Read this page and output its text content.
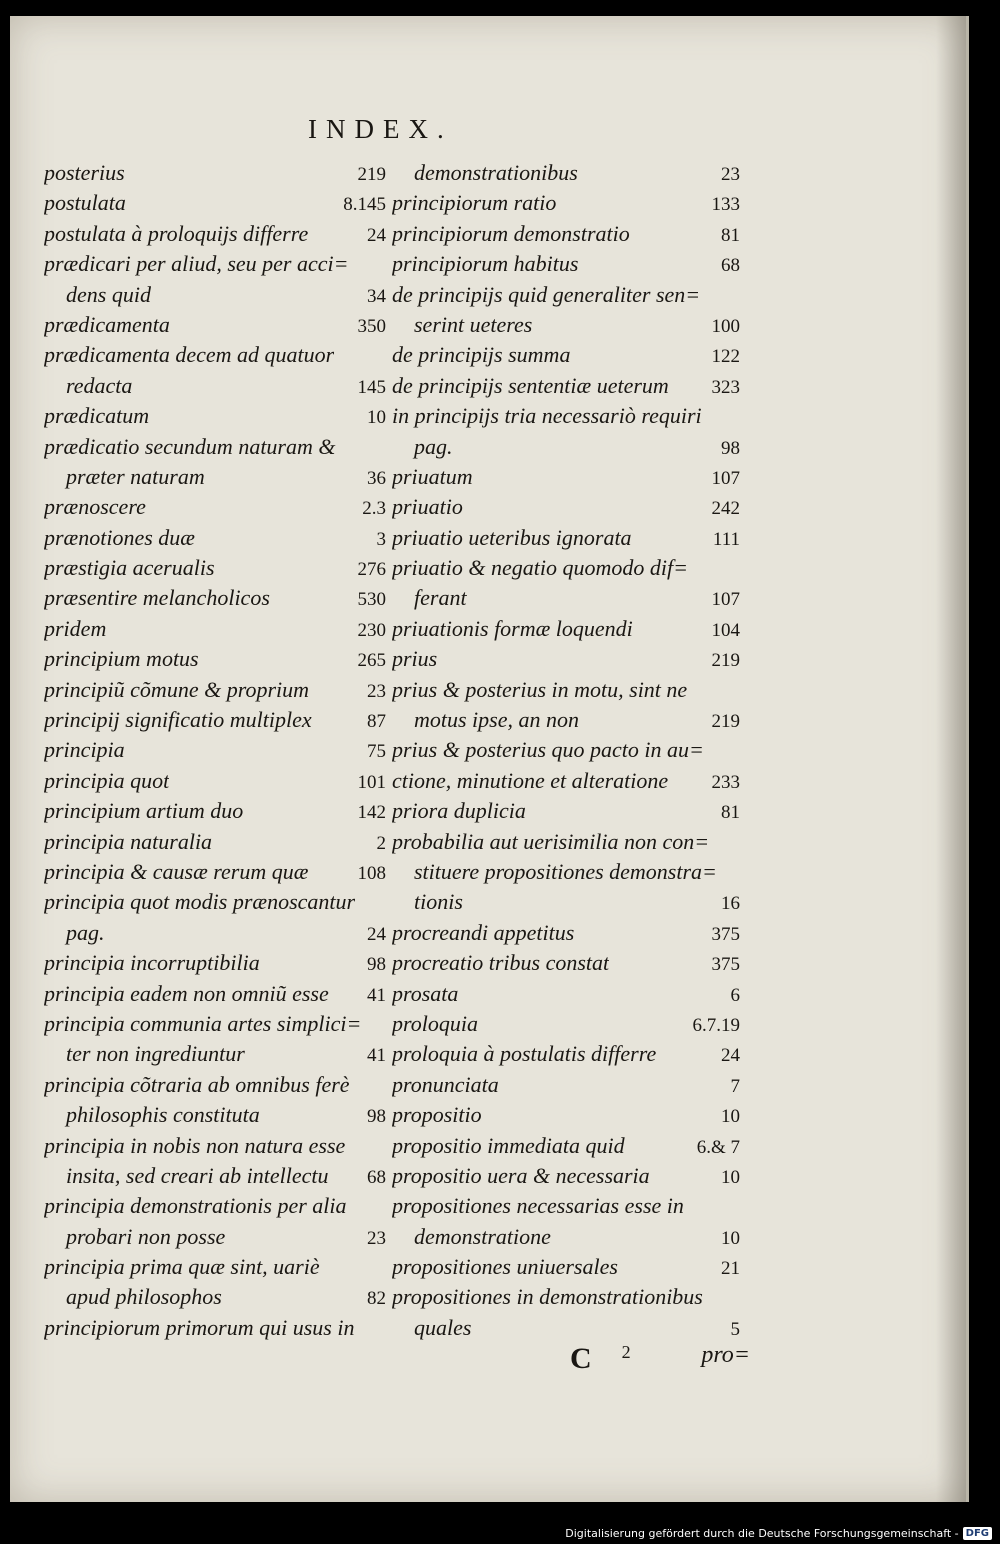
INDEX.
posterius	219
postulata	8.145
postulata à proloquijs differre	24
prædicari per aliud, seu per acci=
dens quid	34
prædicamenta	350
prædicamenta decem ad quatuor
redacta	145
prædicatum	10
prædicatio secundum naturam &
præter naturam	36
prænoscere	2.3
prænotiones duæ	3
præstigia acerualis	276
præsentire melancholicos	530
pridem	230
principium motus	265
principiũ cõmune & proprium	23
principij significatio multiplex	87
principia	75
principia quot	101
principium artium duo	142
principia naturalia	2
principia & causæ rerum quæ	108
principia quot modis prænoscantur
pag.	24
principia incorruptibilia	98
principia eadem non omniũ esse	41
principia communia artes simplici=
ter non ingrediuntur	41
principia cõtraria ab omnibus ferè
philosophis constituta	98
principia in nobis non natura esse
insita, sed creari ab intellectu	68
principia demonstrationis per alia
probari non posse	23
principia prima quæ sint, uariè
apud philosophos	82
principiorum primorum qui usus in
demonstrationibus	23
principiorum ratio	133
principiorum demonstratio	81
principiorum habitus	68
de principijs quid generaliter sen=
serint ueteres	100
de principijs summa	122
de principijs sententiæ ueterum	323
in principijs tria necessariò requiri
pag.	98
priuatum	107
priuatio	242
priuatio ueteribus ignorata	111
priuatio & negatio quomodo dif=
ferant	107
priuationis formæ loquendi	104
prius	219
prius & posterius in motu, sint ne
motus ipse, an non	219
prius & posterius quo pacto in au=
ctione, minutione et alteratione	233
priora duplicia	81
probabilia aut uerisimilia non con=
stituere propositiones demonstra=
tionis	16
procreandi appetitus	375
procreatio tribus constat	375
prosata	6
proloquia	6.7.19
proloquia à postulatis differre	24
pronunciata	7
propositio	10
propositio immediata quid	6.& 7
propositio uera & necessaria	10
propositiones necessarias esse in
demonstratione	10
propositiones uniuersales	21
propositiones in demonstrationibus
quales	5
C	2	pro=
Digitalisierung gefördert durch die Deutsche Forschungsgemeinschaft - DFG
